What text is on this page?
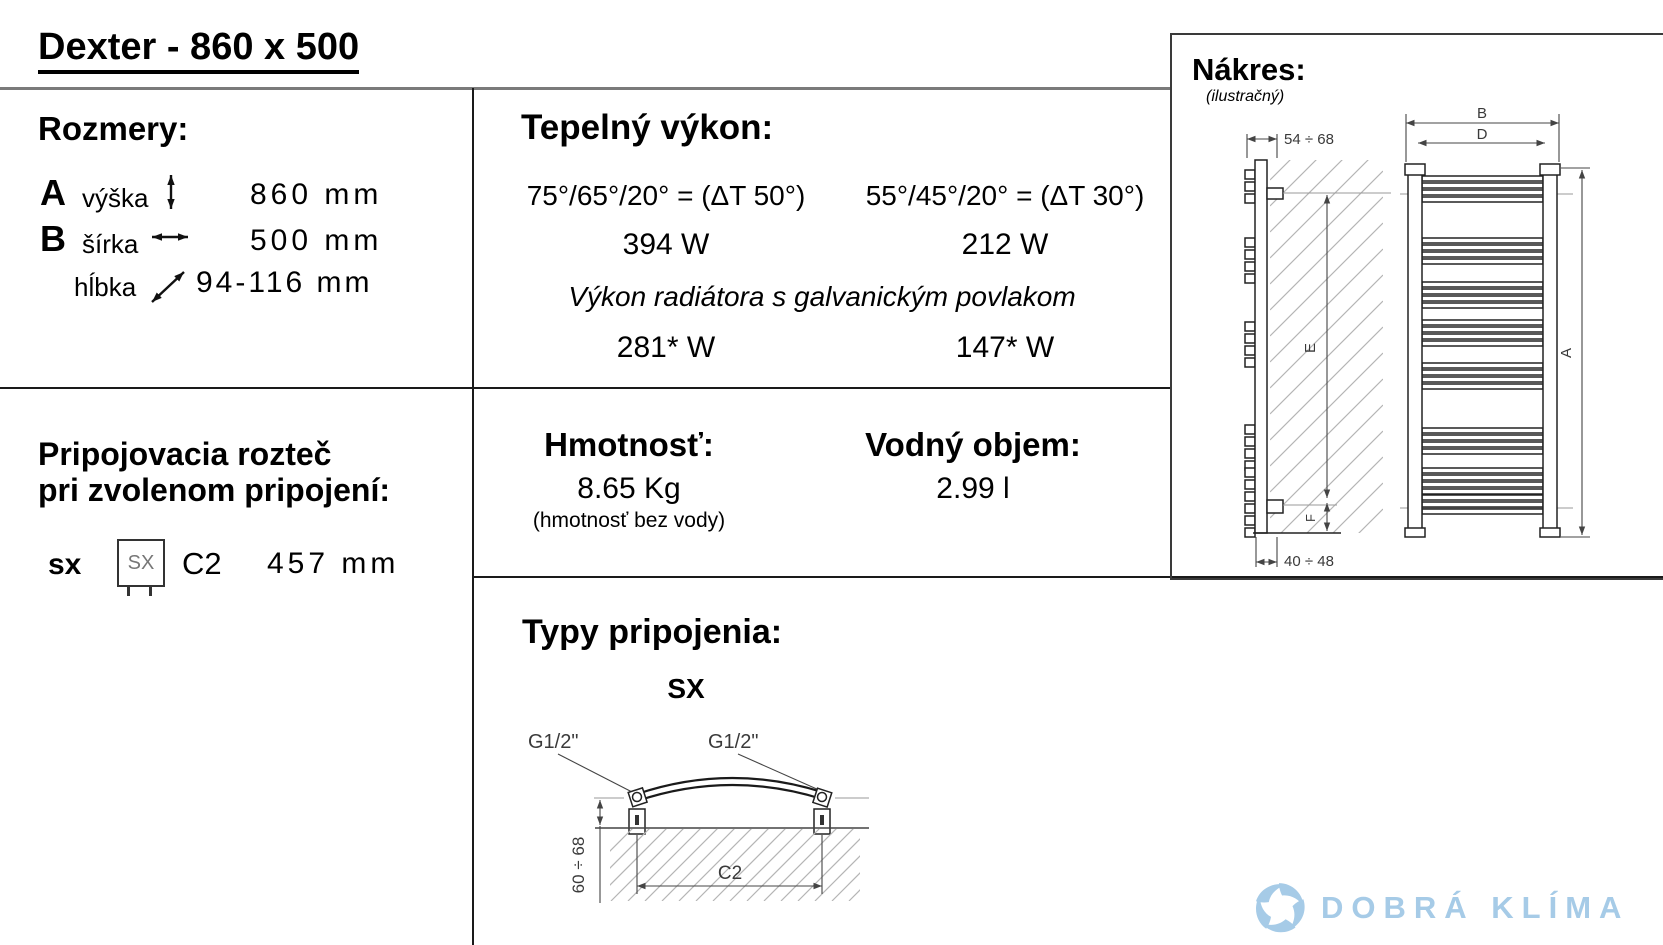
Dexter - 860 x 500
Rozmery:
A výška	860 mm
B šírka	500 mm
hĺbka 94-116 mm
Tepelný výkon:
75°/65°/20° = (ΔT 50°)	55°/45°/20° = (ΔT 30°)
394 W	212 W
Výkon radiátora s galvanickým povlakom
281* W	147* W
Pripojovacia rozteč
pri zvolenom pripojení:
sx SX C2 457 mm
Hmotnosť:
8.65 Kg
(hmotnosť bez vody)
Vodný objem:
2.99 l
Typy pripojenia:
SX
G1/2"	G1/2"
60 ÷ 68	C2
Nákres:
(ilustračný)
54 ÷ 68
E
F
40 ÷ 48
B
D
A
DOBRÁ KLÍMA
